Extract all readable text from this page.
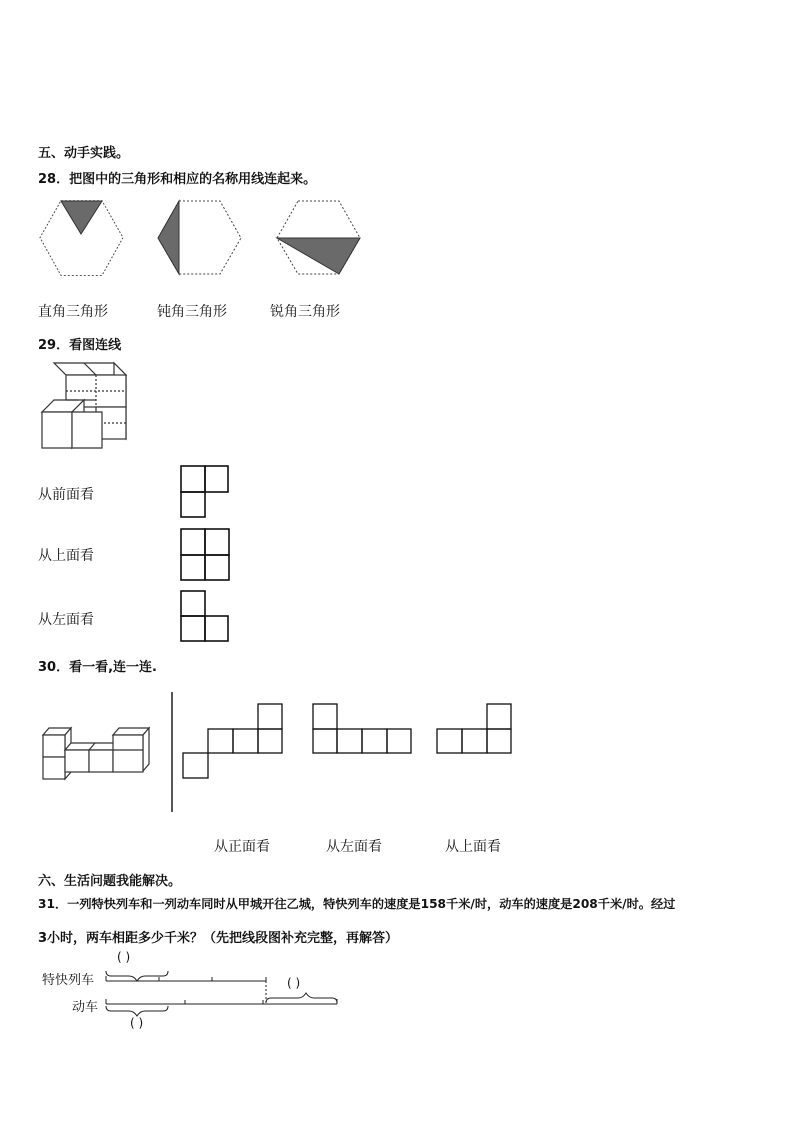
五、动手实践。
28．把图中的三角形和相应的名称用线连起来。
直角三角形	钝角三角形	锐角三角形
29．看图连线
从前面看
从上面看
从左面看
30．看一看,连一连.
从正面看	从左面看	从上面看
六、生活问题我能解决。
31．一列特快列车和一列动车同时从甲城开往乙城，特快列车的速度是158千米/时，动车的速度是208千米/时。经过
3小时，两车相距多少千米？（先把线段图补充完整，再解答）
特快列车
动车
( )
( )
( )
